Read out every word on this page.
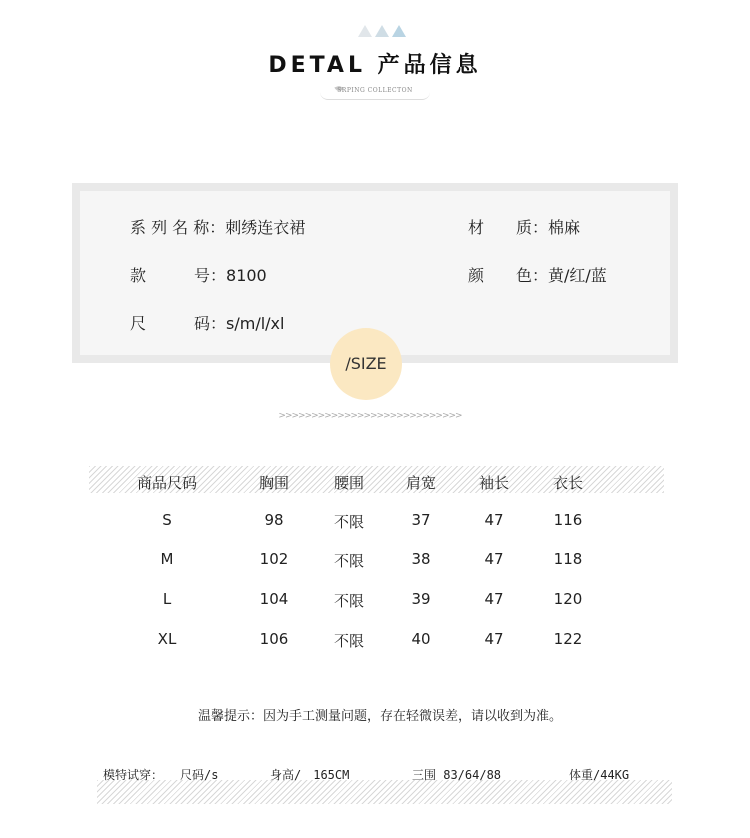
DETAL 产品信息
SRPING COLLECTON
系 列 名 称：刺绣连衣裙	材　　质：棉麻
款　　　号：8100	颜　　色：黄/红/蓝
尺　　　码：s/m/l/xl
/SIZE
>>>>>>>>>>>>>>>>>>>>>>>>>>>>
商品尺码	胸围	腰围	肩宽	袖长	衣长
S	98	不限	37	47	116
M	102	不限	38	47	118
L	104	不限	39	47	120
XL	106	不限	40	47	122
温馨提示：因为手工测量问题，存在轻微误差，请以收到为准。
模特试穿： 尺码/s	身高/　165CM	三围 83/64/88	体重/44KG
